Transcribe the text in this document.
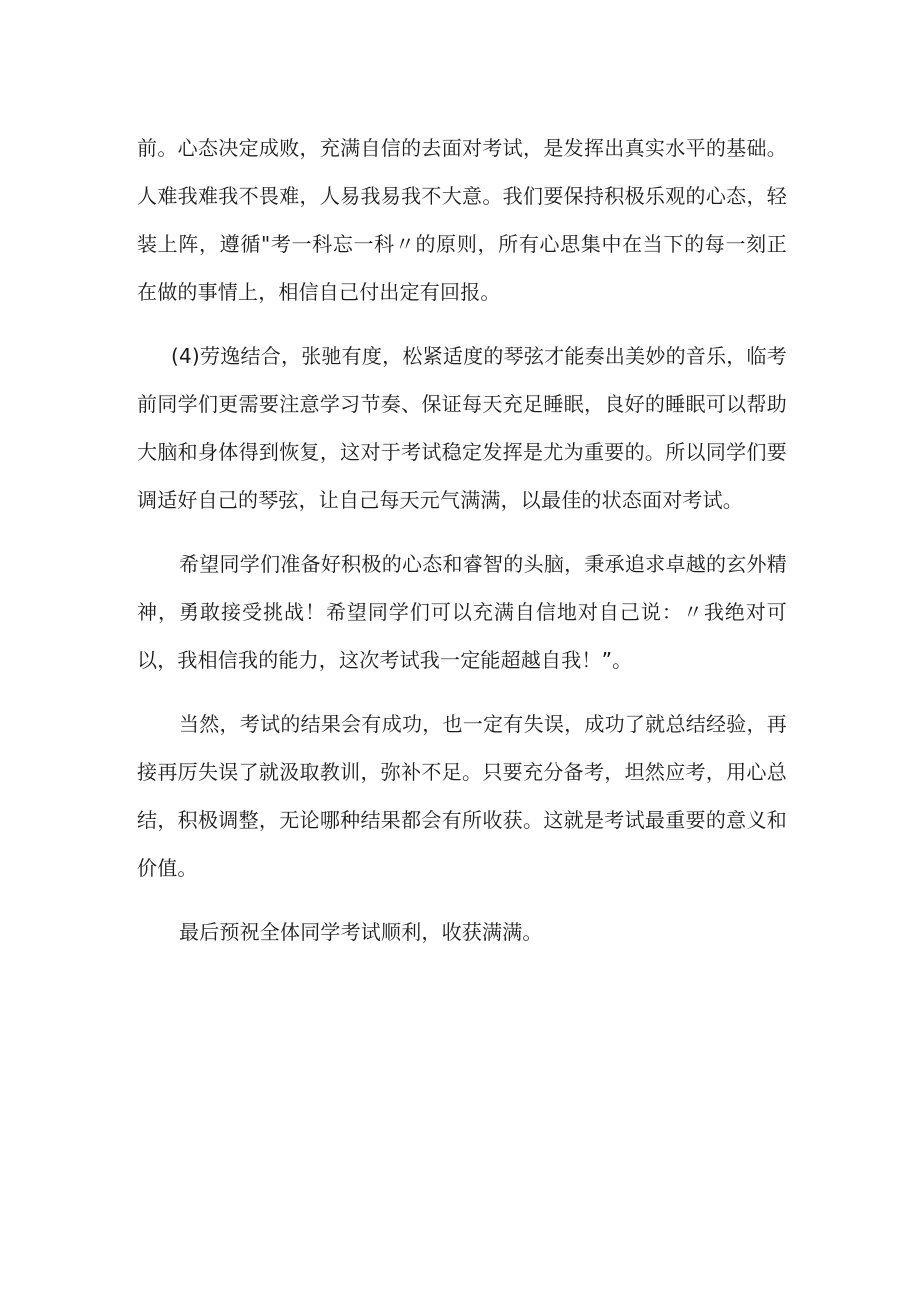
前。心态决定成败，充满自信的去面对考试，是发挥出真实水平的基础。人难我难我不畏难，人易我易我不大意。我们要保持积极乐观的心态，轻装上阵，遵循"考一科忘一科〃的原则，所有心思集中在当下的每一刻正在做的事情上，相信自己付出定有回报。

(4)劳逸结合，张驰有度，松紧适度的琴弦才能奏出美妙的音乐，临考前同学们更需要注意学习节奏、保证每天充足睡眠，良好的睡眠可以帮助大脑和身体得到恢复，这对于考试稳定发挥是尤为重要的。所以同学们要调适好自己的琴弦，让自己每天元气满满，以最佳的状态面对考试。

希望同学们准备好积极的心态和睿智的头脑，秉承追求卓越的玄外精神，勇敢接受挑战！希望同学们可以充满自信地对自己说：〃我绝对可以，我相信我的能力，这次考试我一定能超越自我！”。

当然，考试的结果会有成功，也一定有失误，成功了就总结经验，再接再厉失误了就汲取教训，弥补不足。只要充分备考，坦然应考，用心总结，积极调整，无论哪种结果都会有所收获。这就是考试最重要的意义和价值。

最后预祝全体同学考试顺利，收获满满。
